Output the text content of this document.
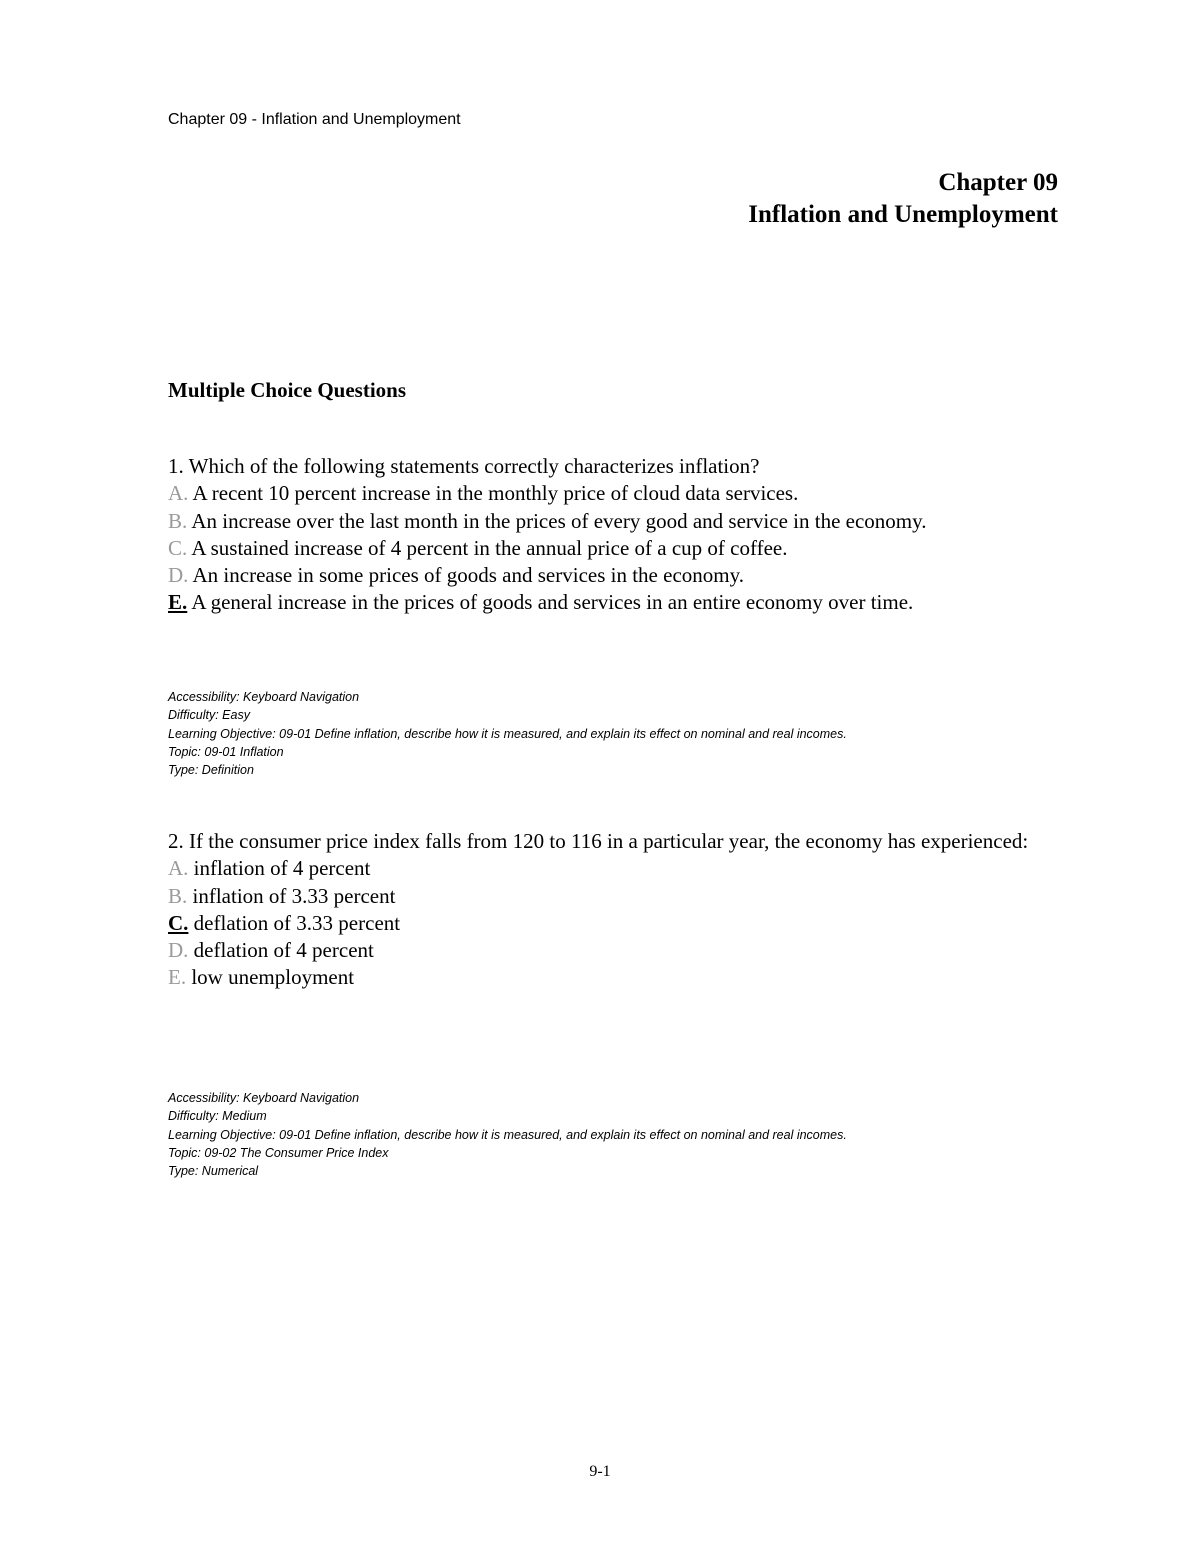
Chapter 09 - Inflation and Unemployment
Chapter 09
Inflation and Unemployment
Multiple Choice Questions

1. Which of the following statements correctly characterizes inflation?

A. A recent 10 percent increase in the monthly price of cloud data services.

B. An increase over the last month in the prices of every good and service in the economy.

C. A sustained increase of 4 percent in the annual price of a cup of coffee.

D. An increase in some prices of goods and services in the economy.

E. A general increase in the prices of goods and services in an entire economy over time.

Accessibility: Keyboard Navigation
Difficulty: Easy
Learning Objective: 09-01 Define inflation, describe how it is measured, and explain its effect on nominal and real incomes.
Topic: 09-01 Inflation
Type: Definition

2. If the consumer price index falls from 120 to 116 in a particular year, the economy has experienced:

A. inflation of 4 percent

B. inflation of 3.33 percent

C. deflation of 3.33 percent

D. deflation of 4 percent

E. low unemployment

Accessibility: Keyboard Navigation
Difficulty: Medium
Learning Objective: 09-01 Define inflation, describe how it is measured, and explain its effect on nominal and real incomes.
Topic: 09-02 The Consumer Price Index
Type: Numerical
9-1
